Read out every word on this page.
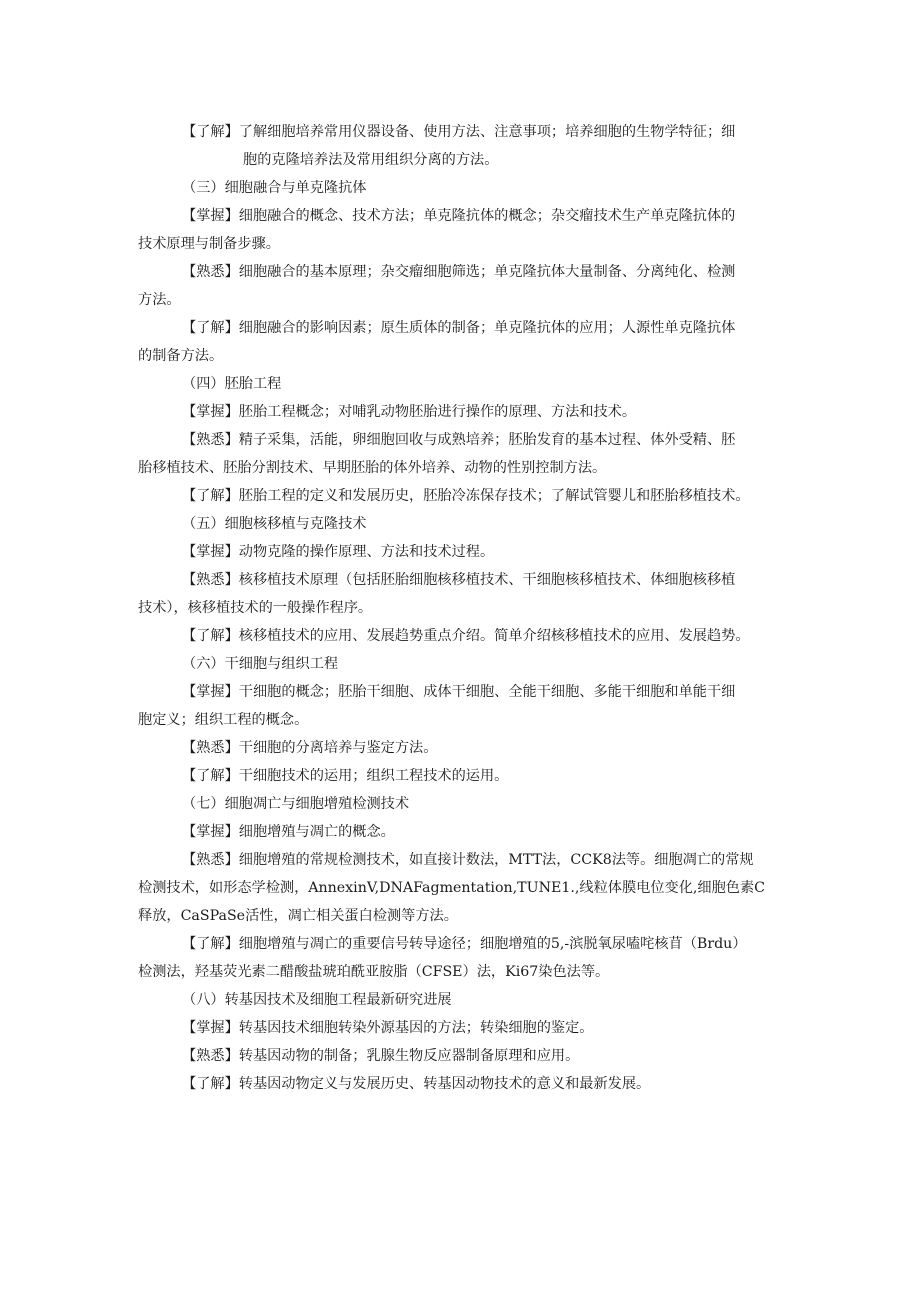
【了解】了解细胞培养常用仪器设备、使用方法、注意事项；培养细胞的生物学特征；细
胞的克隆培养法及常用组织分离的方法。
（三）细胞融合与单克隆抗体
【掌握】细胞融合的概念、技术方法；单克隆抗体的概念；杂交瘤技术生产单克隆抗体的
技术原理与制备步骤。
【熟悉】细胞融合的基本原理；杂交瘤细胞筛选；单克隆抗体大量制备、分离纯化、检测
方法。
【了解】细胞融合的影响因素；原生质体的制备；单克隆抗体的应用；人源性单克隆抗体
的制备方法。
（四）胚胎工程
【掌握】胚胎工程概念；对哺乳动物胚胎进行操作的原理、方法和技术。
【熟悉】精子采集，活能，卵细胞回收与成熟培养；胚胎发育的基本过程、体外受精、胚
胎移植技术、胚胎分割技术、早期胚胎的体外培养、动物的性别控制方法。
【了解】胚胎工程的定义和发展历史，胚胎冷冻保存技术；了解试管婴儿和胚胎移植技术。
（五）细胞核移植与克隆技术
【掌握】动物克隆的操作原理、方法和技术过程。
【熟悉】核移植技术原理（包括胚胎细胞核移植技术、干细胞核移植技术、体细胞核移植
技术），核移植技术的一般操作程序。
【了解】核移植技术的应用、发展趋势重点介绍。简单介绍核移植技术的应用、发展趋势。
（六）干细胞与组织工程
【掌握】干细胞的概念；胚胎干细胞、成体干细胞、全能干细胞、多能干细胞和单能干细
胞定义；组织工程的概念。
【熟悉】干细胞的分离培养与鉴定方法。
【了解】干细胞技术的运用；组织工程技术的运用。
（七）细胞凋亡与细胞增殖检测技术
【掌握】细胞增殖与凋亡的概念。
【熟悉】细胞增殖的常规检测技术，如直接计数法，MTT法，CCK8法等。细胞凋亡的常规
检测技术，如形态学检测，AnnexinV,DNAFagmentation,TUNE1.,线粒体膜电位变化,细胞色素C
释放，CaSPaSe活性，凋亡相关蛋白检测等方法。
【了解】细胞增殖与凋亡的重要信号转导途径；细胞增殖的5,-滨脱氧尿嗑咤核苜（Brdu）
检测法，羟基荧光素二醋酸盐琥珀酰亚胺脂（CFSE）法，Ki67染色法等。
（八）转基因技术及细胞工程最新研究进展
【掌握】转基因技术细胞转染外源基因的方法；转染细胞的鉴定。
【熟悉】转基因动物的制备；乳腺生物反应器制备原理和应用。
【了解】转基因动物定义与发展历史、转基因动物技术的意义和最新发展。
